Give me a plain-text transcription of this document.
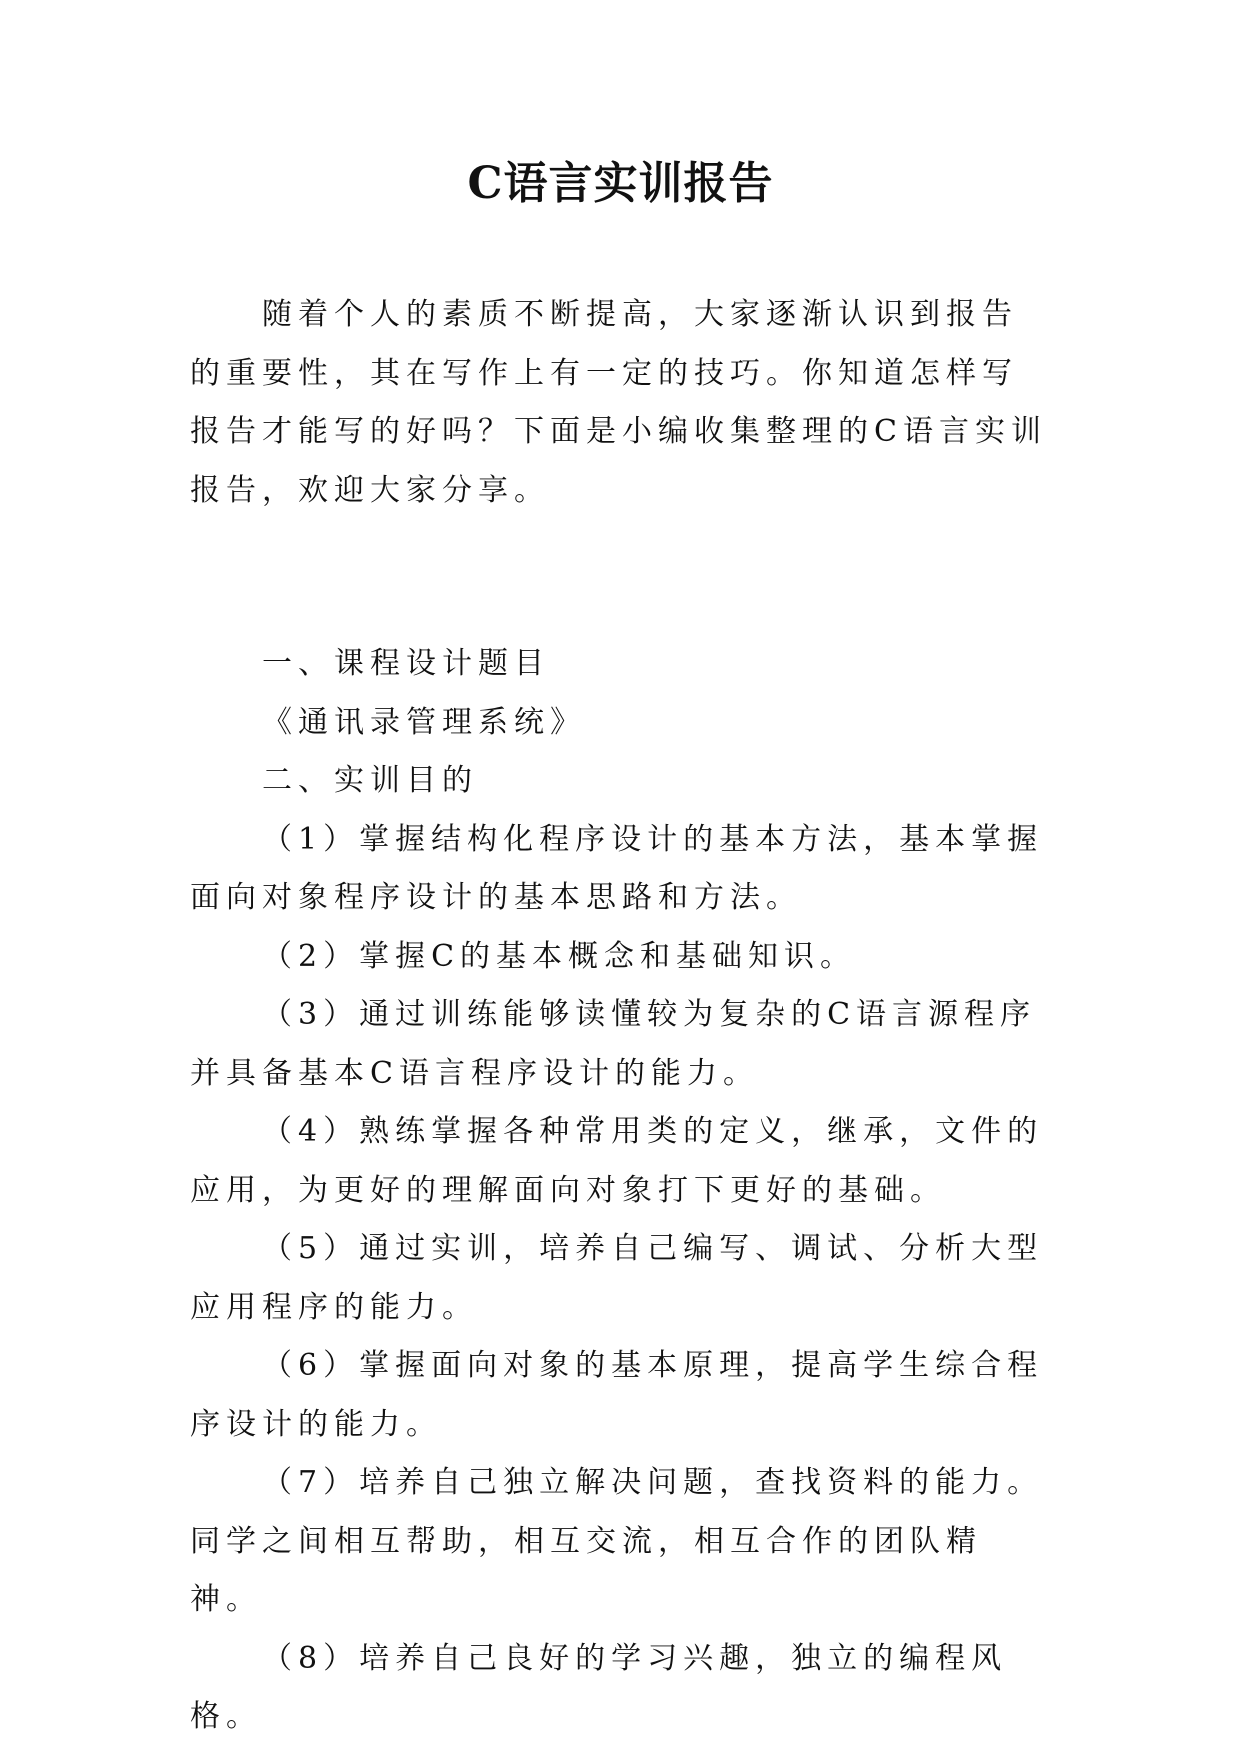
C语言实训报告

随着个人的素质不断提高，大家逐渐认识到报告的重要性，其在写作上有一定的技巧。你知道怎样写报告才能写的好吗？下面是小编收集整理的C语言实训报告，欢迎大家分享。

一、课程设计题目

《通讯录管理系统》

二、实训目的

（1）掌握结构化程序设计的基本方法，基本掌握面向对象程序设计的基本思路和方法。

（2）掌握C的基本概念和基础知识。

（3）通过训练能够读懂较为复杂的C语言源程序并具备基本C语言程序设计的能力。

（4）熟练掌握各种常用类的定义，继承，文件的应用，为更好的理解面向对象打下更好的基础。

（5）通过实训，培养自己编写、调试、分析大型应用程序的能力。

（6）掌握面向对象的基本原理，提高学生综合程序设计的能力。

（7）培养自己独立解决问题，查找资料的能力。同学之间相互帮助，相互交流，相互合作的团队精神。

（8）培养自己良好的学习兴趣，独立的编程风格。
